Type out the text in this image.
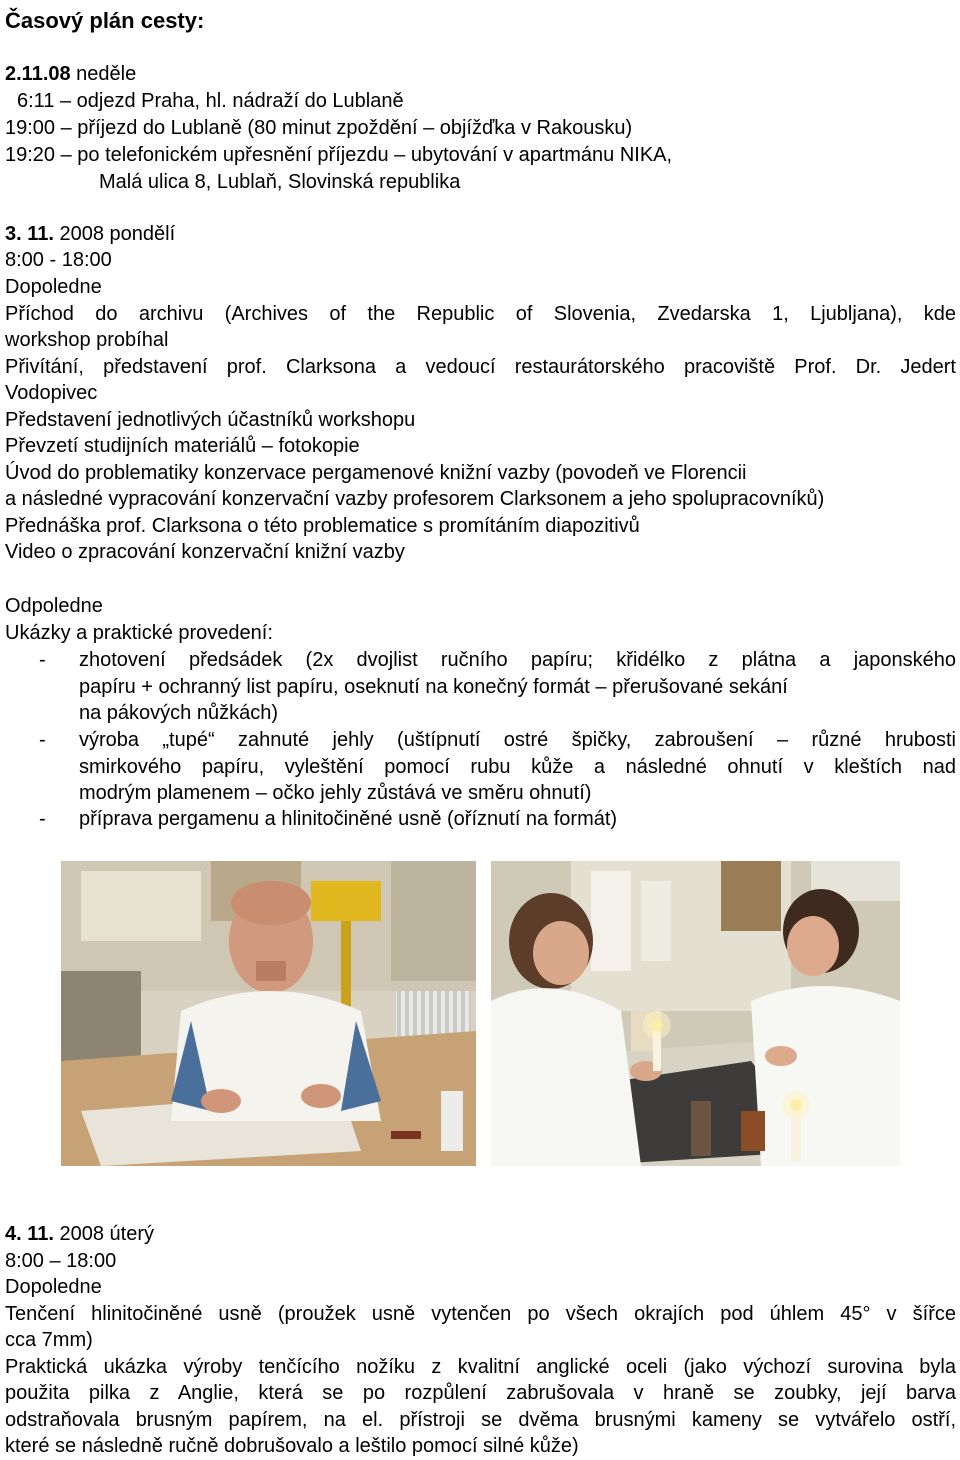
Časový plán cesty:
2.11.08 neděle
6:11 – odjezd Praha, hl. nádraží do Lublaně
19:00 – příjezd do Lublaně (80 minut zpoždění – objížďka v Rakousku)
19:20 – po telefonickém upřesnění příjezdu – ubytování v apartmánu NIKA,
Malá ulica 8, Lublaň, Slovinská republika
3. 11. 2008 pondělí
8:00 - 18:00
Dopoledne
Příchod do archivu (Archives of the Republic of Slovenia, Zvedarska 1, Ljubljana), kde
workshop probíhal
Přivítání, představení prof. Clarksona a vedoucí restaurátorského pracoviště Prof. Dr. Jedert
Vodopivec
Představení jednotlivých účastníků workshopu
Převzetí studijních materiálů – fotokopie
Úvod do problematiky konzervace pergamenové knižní vazby (povodeň ve Florencii
a následné vypracování konzervační vazby profesorem Clarksonem a jeho spolupracovníků)
Přednáška prof. Clarksona o této problematice s promítáním diapozitivů
Video o zpracování konzervační knižní vazby
Odpoledne
Ukázky a praktické provedení:
- zhotovení předsádek (2x dvojlist ručního papíru; křidélko z plátna a japonského
papíru + ochranný list papíru, oseknutí na konečný formát – přerušované sekání
na pákových nůžkách)
- výroba „tupé“ zahnuté jehly (uštípnutí ostré špičky, zabroušení – různé hrubosti
smirkového papíru, vyleštění pomocí rubu kůže a následné ohnutí v kleštích nad
modrým plamenem – očko jehly zůstává ve směru ohnutí)
- příprava pergamenu a hlinitočiněné usně (oříznutí na formát)
4. 11. 2008 úterý
8:00 – 18:00
Dopoledne
Tenčení hlinitočiněné usně (proužek usně vytenčen po všech okrajích pod úhlem 45° v šířce
cca 7mm)
Praktická ukázka výroby tenčícího nožíku z kvalitní anglické oceli (jako výchozí surovina byla
použita pilka z Anglie, která se po rozpůlení zabrušovala v hraně se zoubky, její barva
odstraňovala brusným papírem, na el. přístroji se dvěma brusnými kameny se vytvářelo ostří,
které se následně ručně dobrušovalo a leštilo pomocí silné kůže)
